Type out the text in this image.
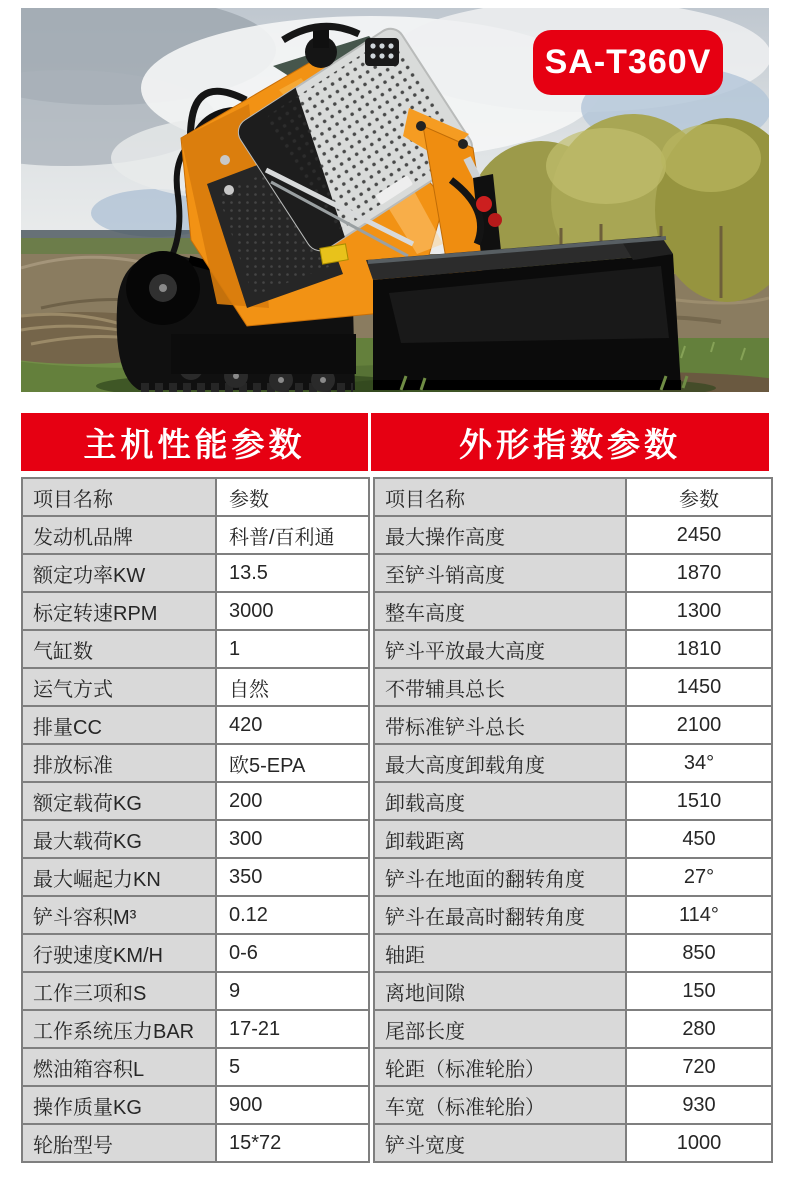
SA-T360V
主机性能参数	外形指数参数
项目名称	参数
发动机品牌	科普/百利通
额定功率KW	13.5
标定转速RPM	3000
气缸数	1
运气方式	自然
排量CC	420
排放标准	欧5-EPA
额定载荷KG	200
最大载荷KG	300
最大崛起力KN	350
铲斗容积M³	0.12
行驶速度KM/H	0-6
工作三项和S	9
工作系统压力BAR	17-21
燃油箱容积L	5
操作质量KG	900
轮胎型号	15*72
项目名称	参数
最大操作高度	2450
至铲斗销高度	1870
整车高度	1300
铲斗平放最大高度	1810
不带辅具总长	1450
带标准铲斗总长	2100
最大高度卸载角度	34°
卸载高度	1510
卸载距离	450
铲斗在地面的翻转角度	27°
铲斗在最高时翻转角度	114°
轴距	850
离地间隙	150
尾部长度	280
轮距（标准轮胎）	720
车宽（标准轮胎）	930
铲斗宽度	1000
